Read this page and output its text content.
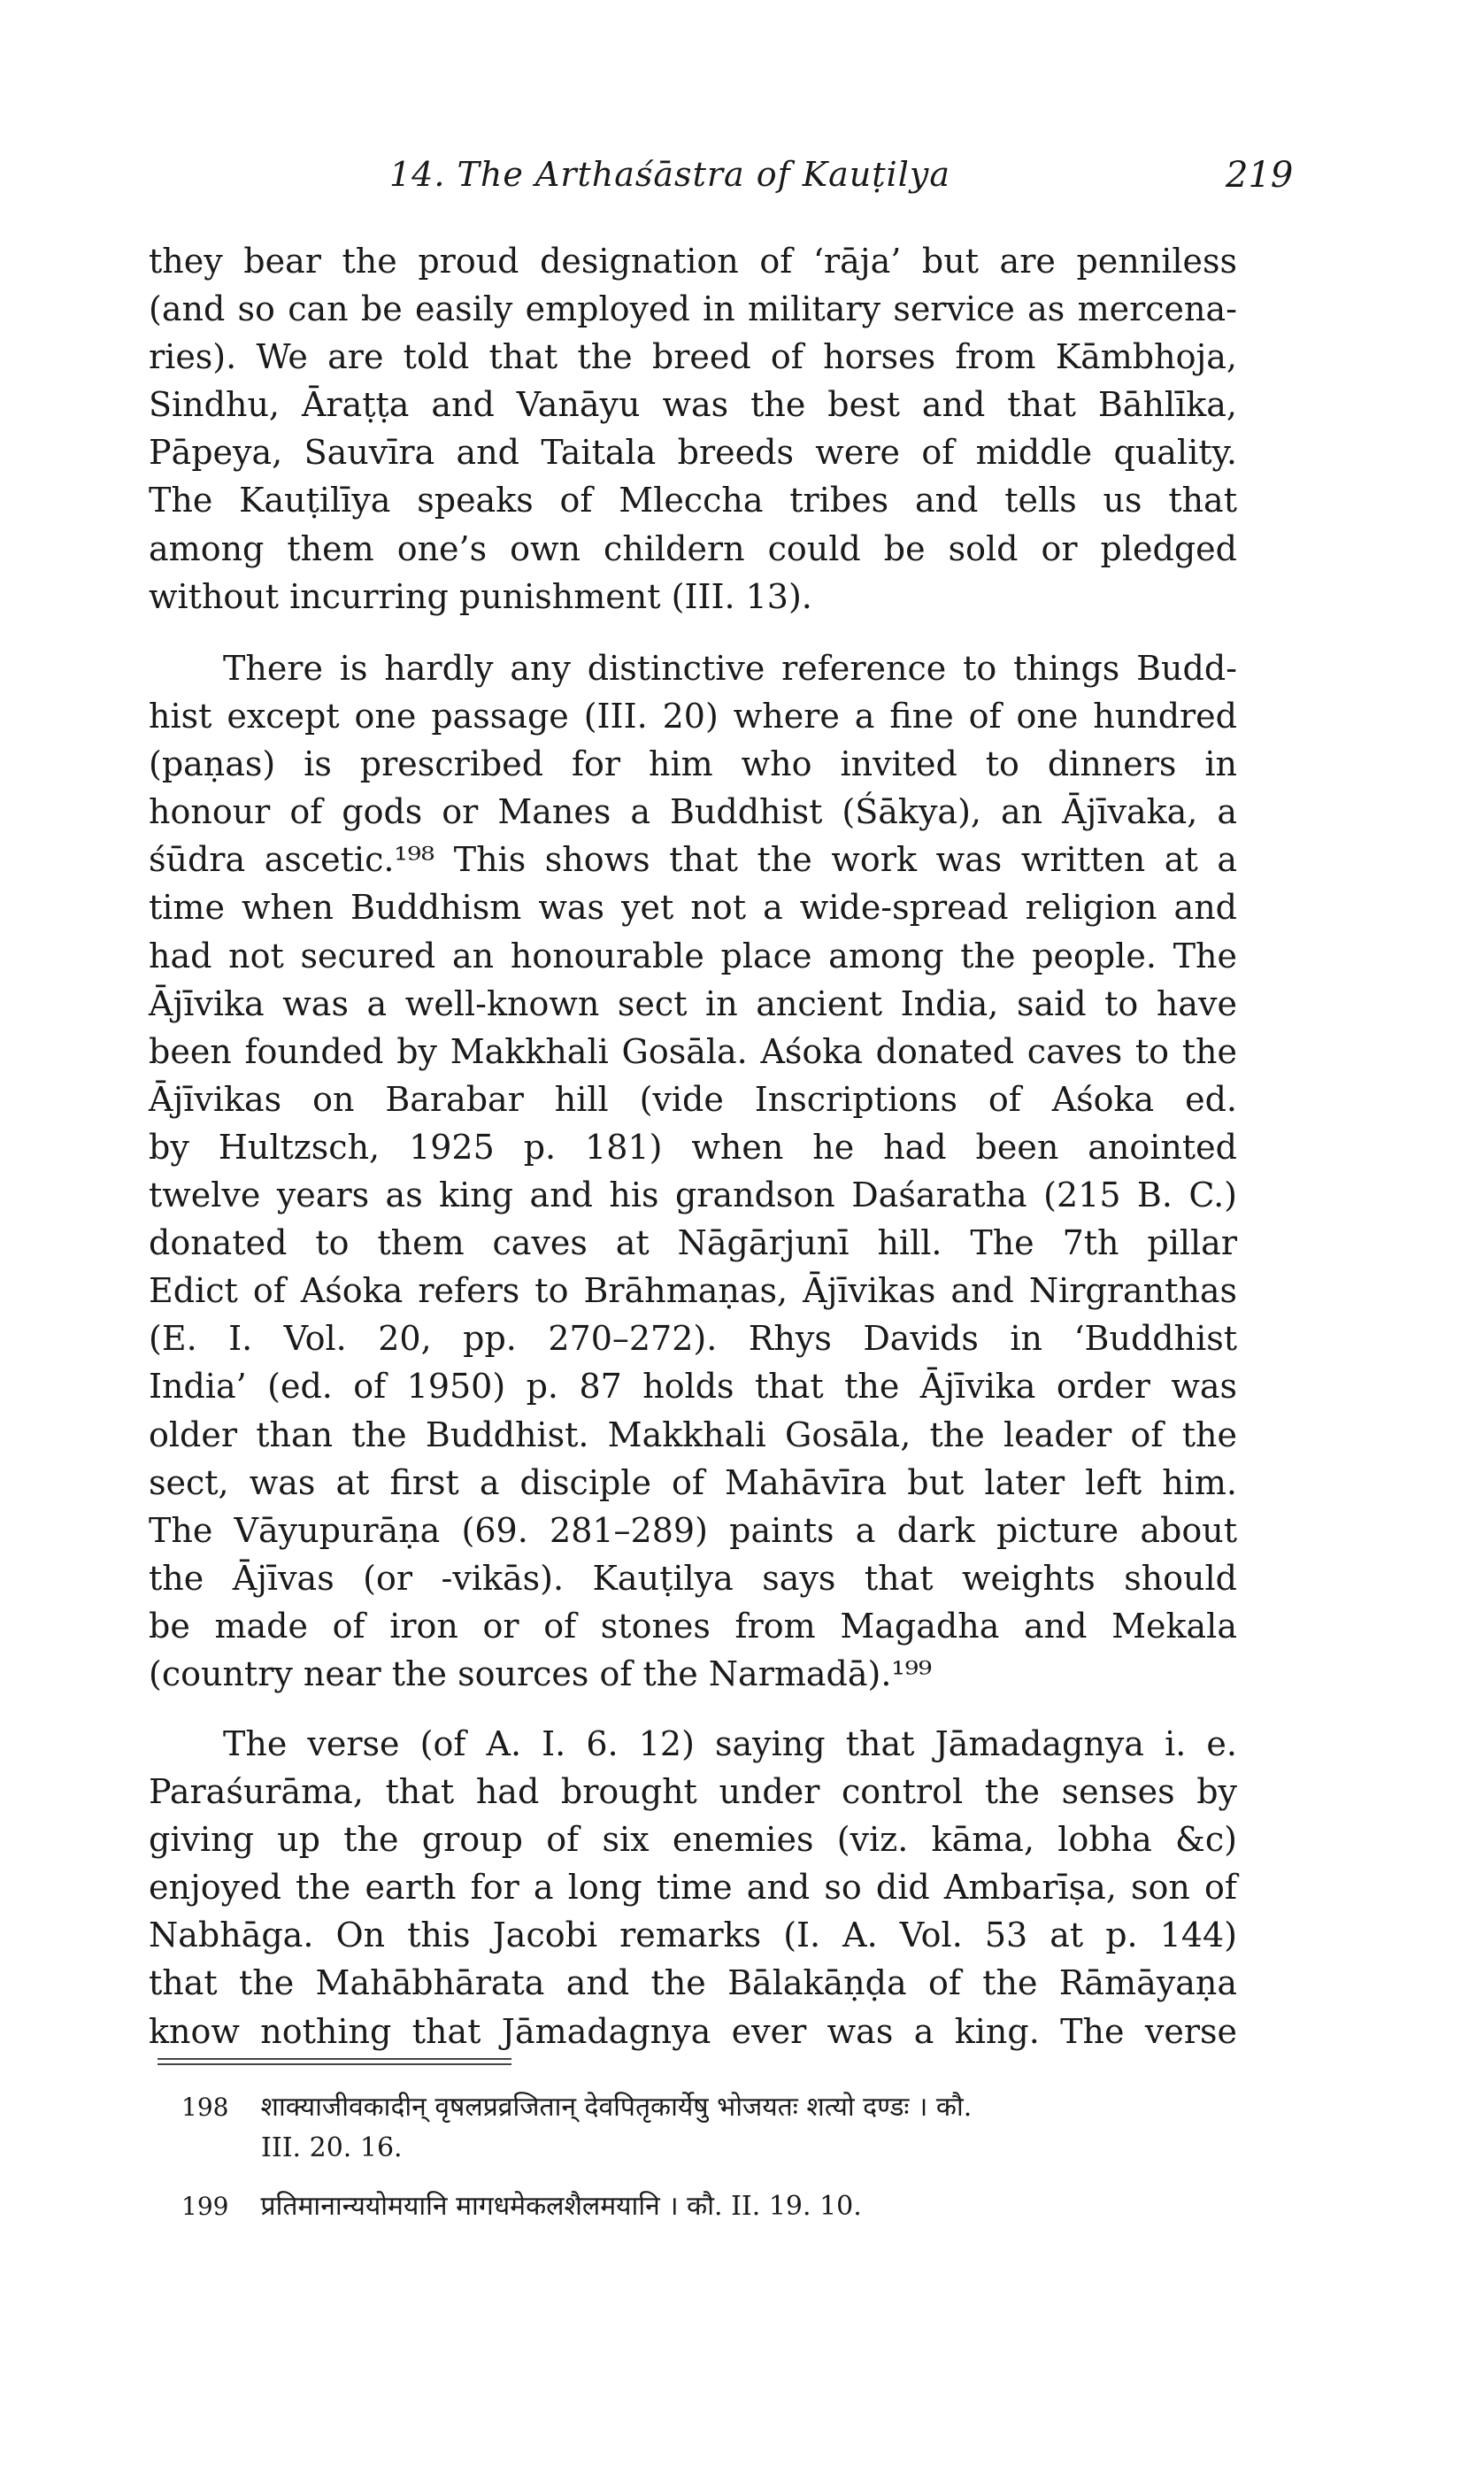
14. The Arthaśāstra of Kauṭilya	219
they bear the proud designation of ‘rāja’ but are penniless
(and so can be easily employed in military service as mercena-
ries). We are told that the breed of horses from Kāmbhoja,
Sindhu, Āraṭṭa and Vanāyu was the best and that Bāhlīka,
Pāpeya, Sauvīra and Taitala breeds were of middle quality.
The Kauṭilīya speaks of Mleccha tribes and tells us that
among them one’s own childern could be sold or pledged
without incurring punishment (III. 13).
There is hardly any distinctive reference to things Budd-
hist except one passage (III. 20) where a fine of one hundred
(paṇas) is prescribed for him who invited to dinners in
honour of gods or Manes a Buddhist (Śākya), an Ājīvaka, a
śūdra ascetic.¹⁹⁸ This shows that the work was written at a
time when Buddhism was yet not a wide-spread religion and
had not secured an honourable place among the people. The
Ājīvika was a well-known sect in ancient India, said to have
been founded by Makkhali Gosāla. Aśoka donated caves to the
Ājīvikas on Barabar hill (vide Inscriptions of Aśoka ed.
by Hultzsch, 1925 p. 181) when he had been anointed
twelve years as king and his grandson Daśaratha (215 B. C.)
donated to them caves at Nāgārjunī hill. The 7th pillar
Edict of Aśoka refers to Brāhmaṇas, Ājīvikas and Nirgranthas
(E. I. Vol. 20, pp. 270–272). Rhys Davids in ‘Buddhist
India’ (ed. of 1950) p. 87 holds that the Ājīvika order was
older than the Buddhist. Makkhali Gosāla, the leader of the
sect, was at first a disciple of Mahāvīra but later left him.
The Vāyupurāṇa (69. 281–289) paints a dark picture about
the Ājīvas (or -vikās). Kauṭilya says that weights should
be made of iron or of stones from Magadha and Mekala
(country near the sources of the Narmadā).¹⁹⁹
The verse (of A. I. 6. 12) saying that Jāmadagnya i. e.
Paraśurāma, that had brought under control the senses by
giving up the group of six enemies (viz. kāma, lobha &c)
enjoyed the earth for a long time and so did Ambarīṣa, son of
Nabhāga. On this Jacobi remarks (I. A. Vol. 53 at p. 144)
that the Mahābhārata and the Bālakāṇḍa of the Rāmāyaṇa
know nothing that Jāmadagnya ever was a king. The verse
198 शाक्याजीवकादीन् वृषलप्रव्रजितान् देवपितृकार्येषु भोजयतः शत्यो दण्डः । कौ.
III. 20. 16.
199 प्रतिमानान्ययोमयानि मागधमेकलशैलमयानि । कौ. II. 19. 10.
